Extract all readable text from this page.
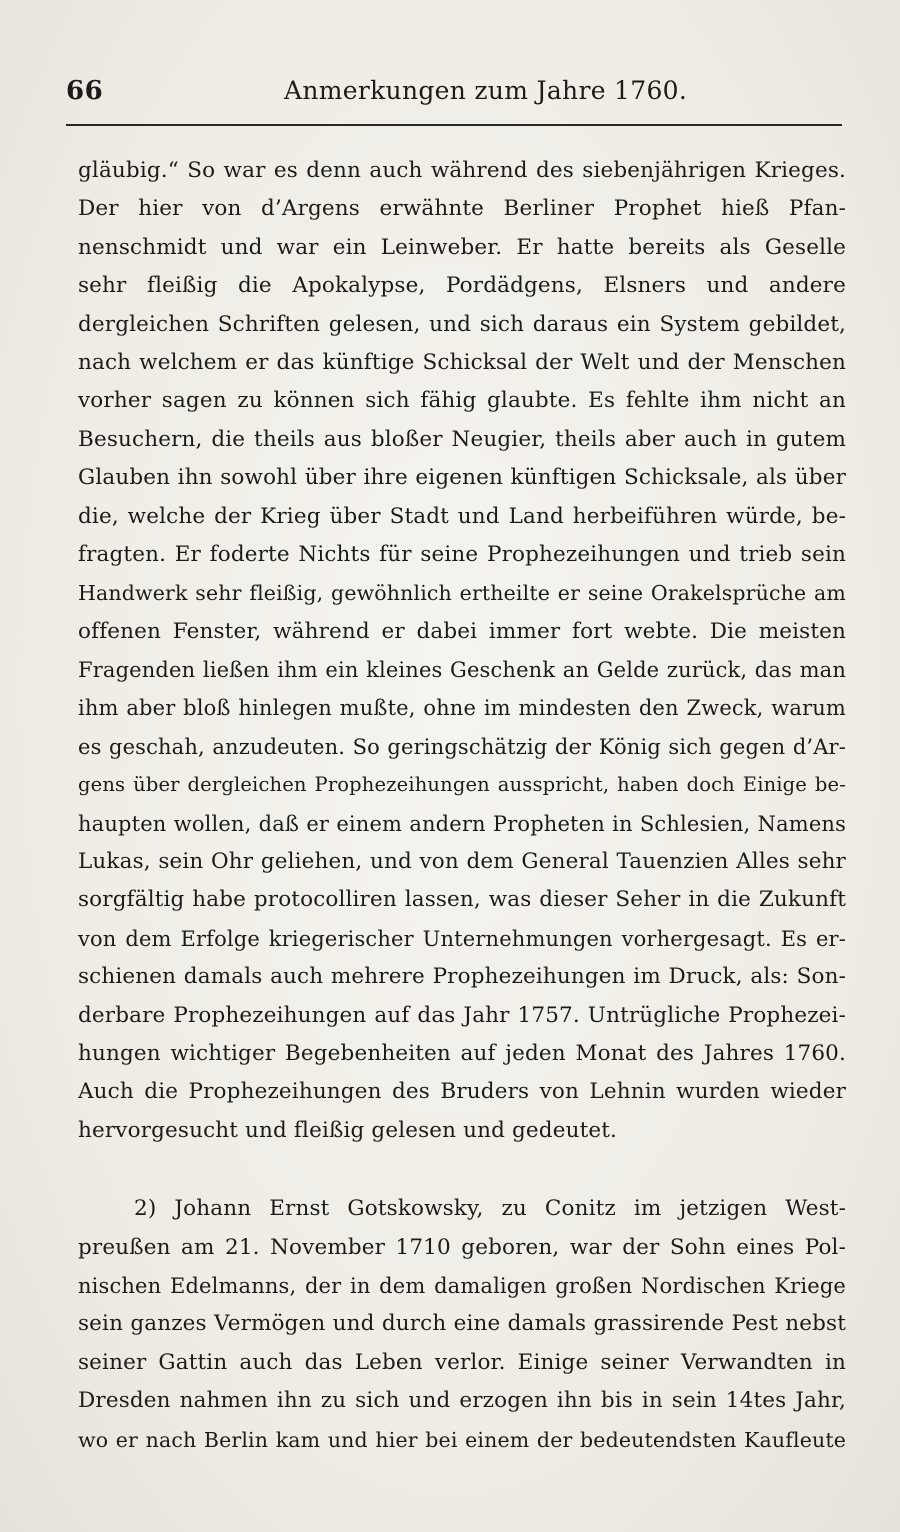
66	Anmerkungen zum Jahre 1760.
gläubig.“ So war es denn auch während des siebenjährigen Krieges.
Der hier von d’Argens erwähnte Berliner Prophet hieß Pfan-
nenschmidt und war ein Leinweber. Er hatte bereits als Geselle
sehr fleißig die Apokalypse, Pordädgens, Elsners und andere
dergleichen Schriften gelesen, und sich daraus ein System gebildet,
nach welchem er das künftige Schicksal der Welt und der Menschen
vorher sagen zu können sich fähig glaubte. Es fehlte ihm nicht an
Besuchern, die theils aus bloßer Neugier, theils aber auch in gutem
Glauben ihn sowohl über ihre eigenen künftigen Schicksale, als über
die, welche der Krieg über Stadt und Land herbeiführen würde, be-
fragten. Er foderte Nichts für seine Prophezeihungen und trieb sein
Handwerk sehr fleißig, gewöhnlich ertheilte er seine Orakelsprüche am
offenen Fenster, während er dabei immer fort webte. Die meisten
Fragenden ließen ihm ein kleines Geschenk an Gelde zurück, das man
ihm aber bloß hinlegen mußte, ohne im mindesten den Zweck, warum
es geschah, anzudeuten. So geringschätzig der König sich gegen d’Ar-
gens über dergleichen Prophezeihungen ausspricht, haben doch Einige be-
haupten wollen, daß er einem andern Propheten in Schlesien, Namens
Lukas, sein Ohr geliehen, und von dem General Tauenzien Alles sehr
sorgfältig habe protocolliren lassen, was dieser Seher in die Zukunft
von dem Erfolge kriegerischer Unternehmungen vorhergesagt. Es er-
schienen damals auch mehrere Prophezeihungen im Druck, als: Son-
derbare Prophezeihungen auf das Jahr 1757. Untrügliche Prophezei-
hungen wichtiger Begebenheiten auf jeden Monat des Jahres 1760.
Auch die Prophezeihungen des Bruders von Lehnin wurden wieder
hervorgesucht und fleißig gelesen und gedeutet.
2) Johann Ernst Gotskowsky, zu Conitz im jetzigen West-
preußen am 21. November 1710 geboren, war der Sohn eines Pol-
nischen Edelmanns, der in dem damaligen großen Nordischen Kriege
sein ganzes Vermögen und durch eine damals grassirende Pest nebst
seiner Gattin auch das Leben verlor. Einige seiner Verwandten in
Dresden nahmen ihn zu sich und erzogen ihn bis in sein 14tes Jahr,
wo er nach Berlin kam und hier bei einem der bedeutendsten Kaufleute
